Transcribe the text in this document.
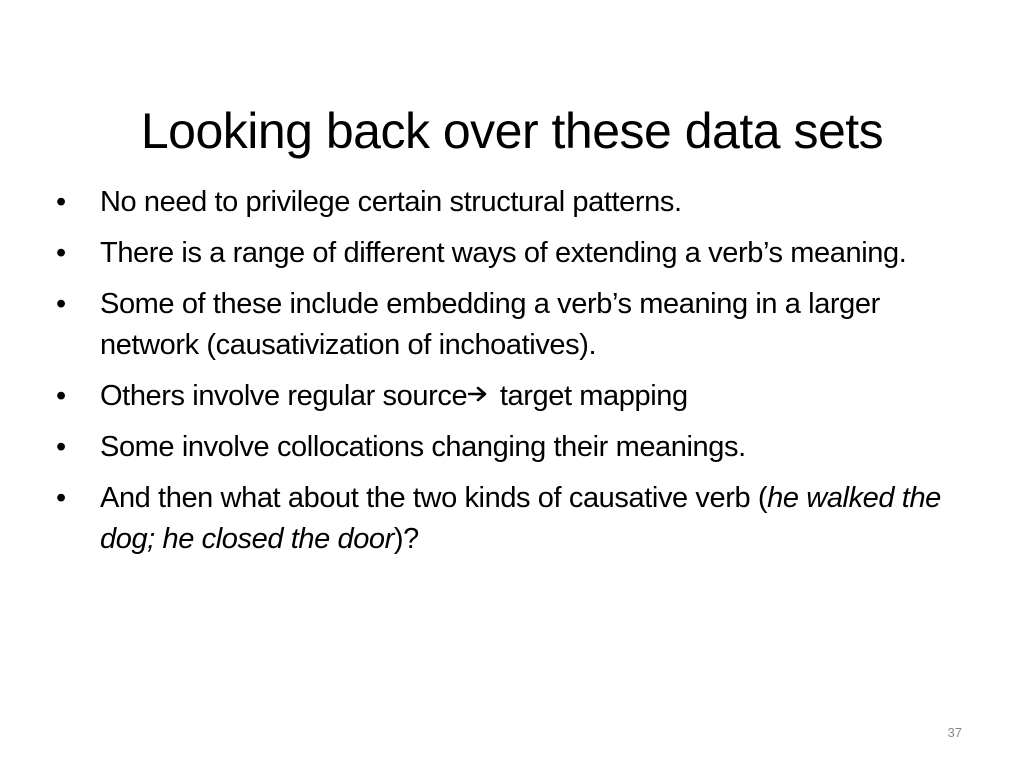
Looking back over these data sets
•	No need to privilege certain structural patterns.
•	There is a range of different ways of extending a verb’s meaning.
•	Some of these include embedding a verb’s meaning in a larger network (causativization of inchoatives).
•	Others involve regular source target mapping
•	Some involve collocations changing their meanings.
•	And then what about the two kinds of causative verb (he walked the dog; he closed the door)?
37
